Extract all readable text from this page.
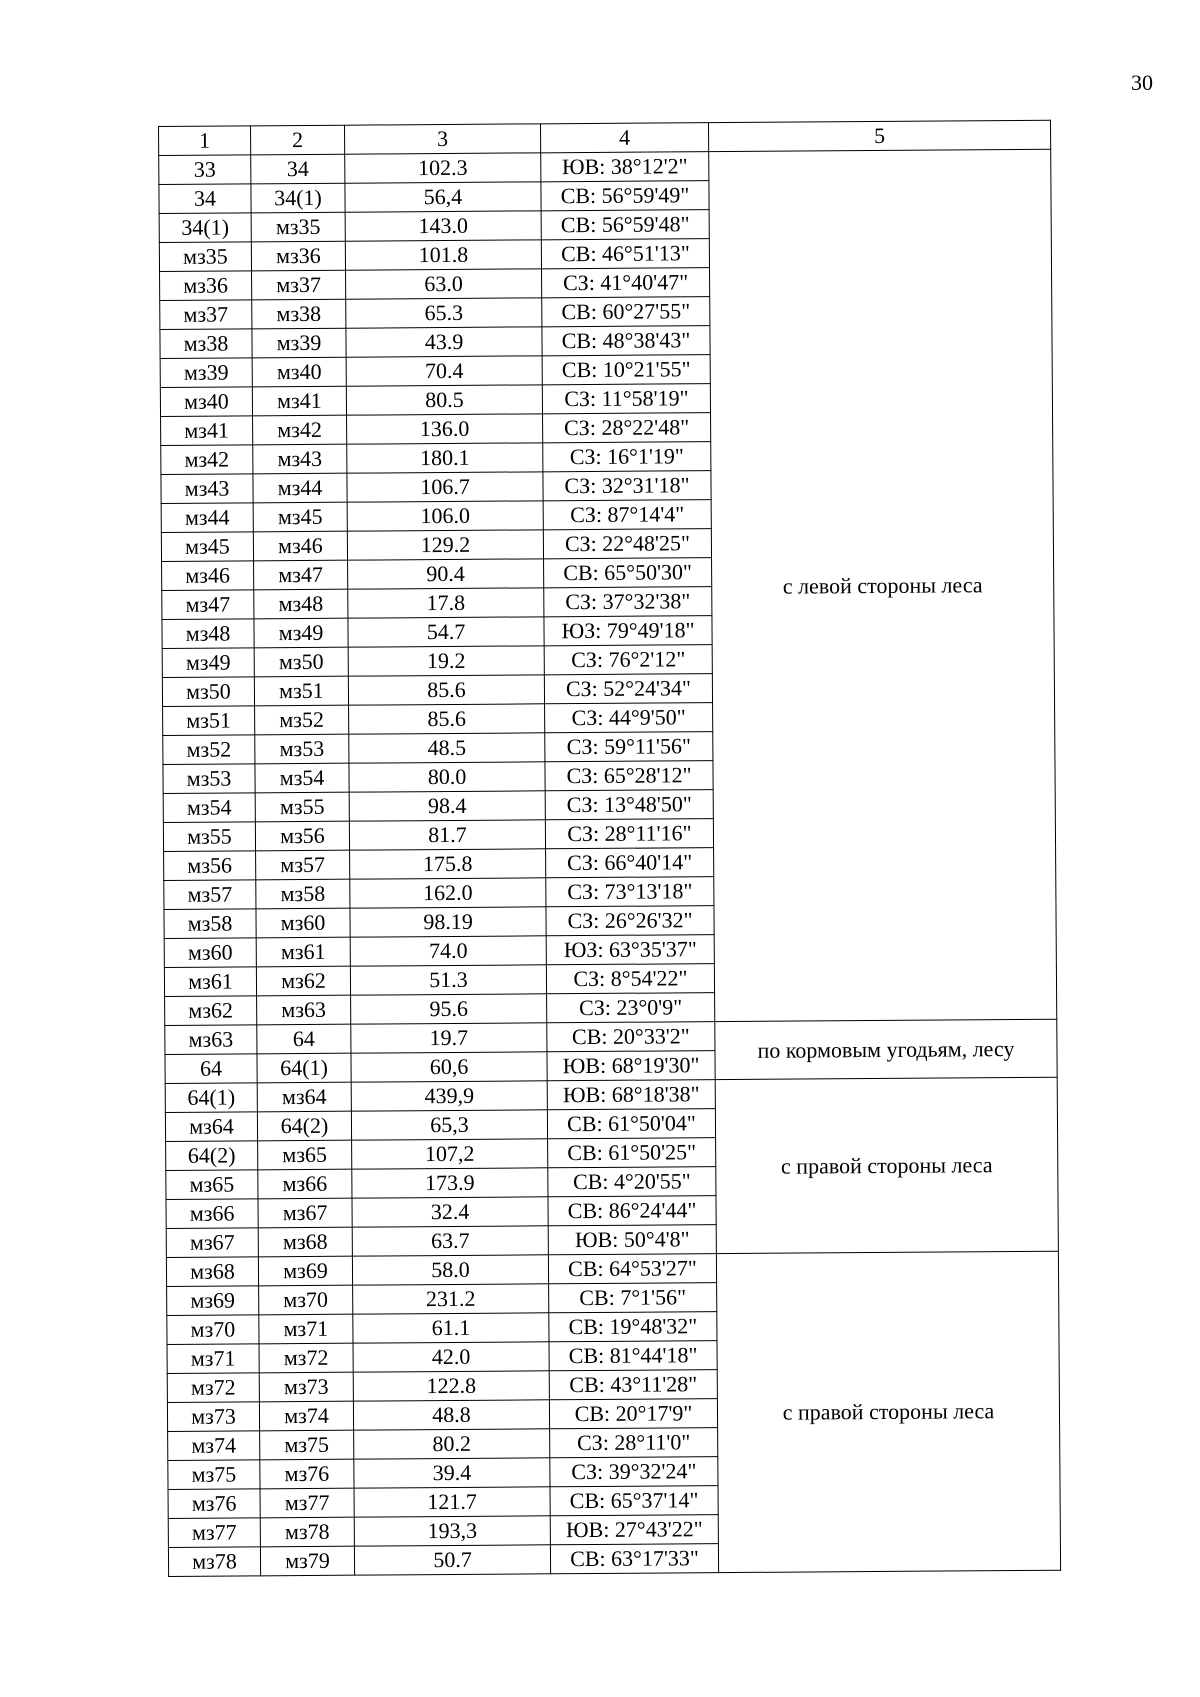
30
1	2	3	4	5
33	34	102.3	ЮВ: 38°12'2"	с левой стороны леса
34	34(1)	56,4	СВ: 56°59'49"	
34(1)	мз35	143.0	СВ: 56°59'48"	
мз35	мз36	101.8	СВ: 46°51'13"	
мз36	мз37	63.0	СЗ: 41°40'47"	
мз37	мз38	65.3	СВ: 60°27'55"	
мз38	мз39	43.9	СВ: 48°38'43"	
мз39	мз40	70.4	СВ: 10°21'55"	
мз40	мз41	80.5	СЗ: 11°58'19"	
мз41	мз42	136.0	СЗ: 28°22'48"	
мз42	мз43	180.1	СЗ: 16°1'19"	
мз43	мз44	106.7	СЗ: 32°31'18"	
мз44	мз45	106.0	СЗ: 87°14'4"	
мз45	мз46	129.2	СЗ: 22°48'25"	
мз46	мз47	90.4	СВ: 65°50'30"	
мз47	мз48	17.8	СЗ: 37°32'38"	
мз48	мз49	54.7	ЮЗ: 79°49'18"	
мз49	мз50	19.2	СЗ: 76°2'12"	
мз50	мз51	85.6	СЗ: 52°24'34"	
мз51	мз52	85.6	СЗ: 44°9'50"	
мз52	мз53	48.5	СЗ: 59°11'56"	
мз53	мз54	80.0	СЗ: 65°28'12"	
мз54	мз55	98.4	СЗ: 13°48'50"	
мз55	мз56	81.7	СЗ: 28°11'16"	
мз56	мз57	175.8	СЗ: 66°40'14"	
мз57	мз58	162.0	СЗ: 73°13'18"	
мз58	мз60	98.19	СЗ: 26°26'32"	
мз60	мз61	74.0	ЮЗ: 63°35'37"	
мз61	мз62	51.3	СЗ: 8°54'22"	
мз62	мз63	95.6	СЗ: 23°0'9"	
мз63	64	19.7	СВ: 20°33'2"	по кормовым угодьям, лесу
64	64(1)	60,6	ЮВ: 68°19'30"	
64(1)	мз64	439,9	ЮВ: 68°18'38"	с правой стороны леса
мз64	64(2)	65,3	СВ: 61°50'04"	
64(2)	мз65	107,2	СВ: 61°50'25"	
мз65	мз66	173.9	СВ: 4°20'55"	
мз66	мз67	32.4	СВ: 86°24'44"	
мз67	мз68	63.7	ЮВ: 50°4'8"	
мз68	мз69	58.0	СВ: 64°53'27"	с правой стороны леса
мз69	мз70	231.2	СВ: 7°1'56"	
мз70	мз71	61.1	СВ: 19°48'32"	
мз71	мз72	42.0	СВ: 81°44'18"	
мз72	мз73	122.8	СВ: 43°11'28"	
мз73	мз74	48.8	СВ: 20°17'9"	
мз74	мз75	80.2	СЗ: 28°11'0"	
мз75	мз76	39.4	СЗ: 39°32'24"	
мз76	мз77	121.7	СВ: 65°37'14"	
мз77	мз78	193,3	ЮВ: 27°43'22"	
мз78	мз79	50.7	СВ: 63°17'33"	
